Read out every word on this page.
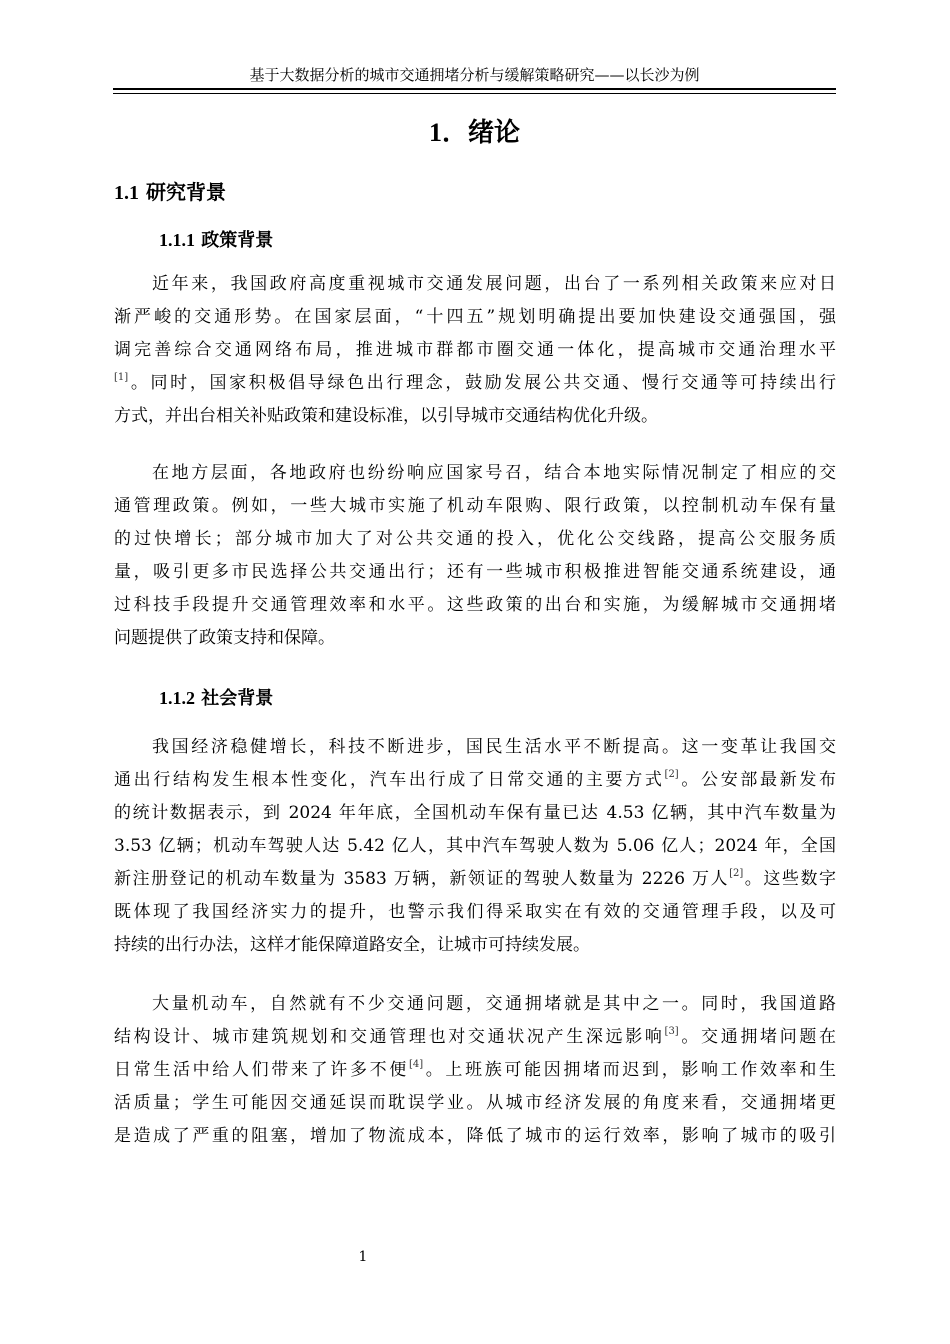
基于大数据分析的城市交通拥堵分析与缓解策略研究——以长沙为例
1．绪论
1.1 研究背景
1.1.1 政策背景
近年来，我国政府高度重视城市交通发展问题，出台了一系列相关政策来应对日
渐严峻的交通形势。在国家层面，“十四五”规划明确提出要加快建设交通强国，强
调完善综合交通网络布局，推进城市群都市圈交通一体化，提高城市交通治理水平
[1]。同时，国家积极倡导绿色出行理念，鼓励发展公共交通、慢行交通等可持续出行
方式，并出台相关补贴政策和建设标准，以引导城市交通结构优化升级。
在地方层面，各地政府也纷纷响应国家号召，结合本地实际情况制定了相应的交
通管理政策。例如，一些大城市实施了机动车限购、限行政策，以控制机动车保有量
的过快增长；部分城市加大了对公共交通的投入，优化公交线路，提高公交服务质
量，吸引更多市民选择公共交通出行；还有一些城市积极推进智能交通系统建设，通
过科技手段提升交通管理效率和水平。这些政策的出台和实施，为缓解城市交通拥堵
问题提供了政策支持和保障。
1.1.2 社会背景
我国经济稳健增长，科技不断进步，国民生活水平不断提高。这一变革让我国交
通出行结构发生根本性变化，汽车出行成了日常交通的主要方式[2]。公安部最新发布
的统计数据表示，到 2024 年年底，全国机动车保有量已达 4.53 亿辆，其中汽车数量为
3.53 亿辆；机动车驾驶人达 5.42 亿人，其中汽车驾驶人数为 5.06 亿人；2024 年，全国
新注册登记的机动车数量为 3583 万辆，新领证的驾驶人数量为 2226 万人[2]。这些数字
既体现了我国经济实力的提升，也警示我们得采取实在有效的交通管理手段，以及可
持续的出行办法，这样才能保障道路安全，让城市可持续发展。
大量机动车，自然就有不少交通问题，交通拥堵就是其中之一。同时，我国道路
结构设计、城市建筑规划和交通管理也对交通状况产生深远影响[3]。交通拥堵问题在
日常生活中给人们带来了许多不便[4]。上班族可能因拥堵而迟到，影响工作效率和生
活质量；学生可能因交通延误而耽误学业。从城市经济发展的角度来看，交通拥堵更
是造成了严重的阻塞，增加了物流成本，降低了城市的运行效率，影响了城市的吸引
1
